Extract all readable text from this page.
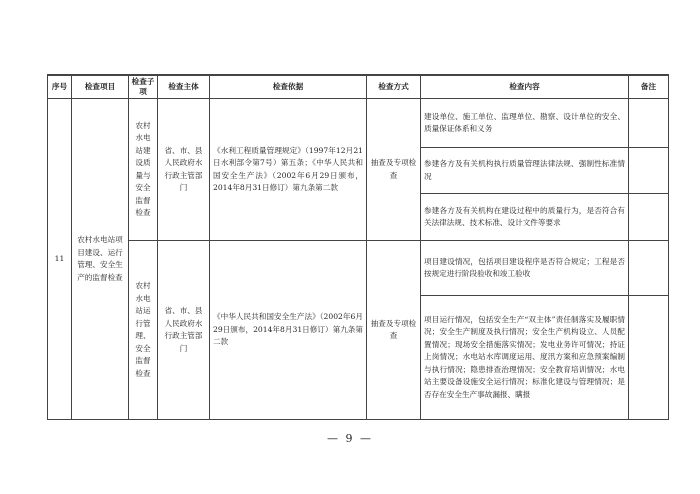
序号	检查项目	检查子项	检查主体	检查依据	检查方式	检查内容	备注
11	农村水电站项目建设、运行管理、安全生产的监督检查	农村水电站建设质量与安全监督检查	省、市、县人民政府水行政主管部门	《水利工程质量管理规定》（1997年12月21日水利部令第7号）第五条；《中华人民共和国安全生产法》（2002年6月29日颁布，2014年8月31日修订）第九条第二款	抽查及专项检查	建设单位、施工单位、监理单位、勘察、设计单位的安全、质量保证体系和义务	
						参建各方及有关机构执行质量管理法律法规、强制性标准情况	
						参建各方及有关机构在建设过程中的质量行为，是否符合有关法律法规、技术标准、设计文件等要求	
		农村水电站运行管理、安全监督检查	省、市、县人民政府水行政主管部门	《中华人民共和国安全生产法》（2002年6月29日颁布，2014年8月31日修订）第九条第二款	抽查及专项检查	项目建设情况，包括项目建设程序是否符合规定；工程是否按规定进行阶段验收和竣工验收	
						项目运行情况，包括安全生产“双主体”责任制落实及履职情况；安全生产制度及执行情况；安全生产机构设立、人员配置情况；现场安全措施落实情况；发电业务许可情况；持证上岗情况；水电站水库调度运用、度汛方案和应急预案编制与执行情况；隐患排查治理情况；安全教育培训情况；水电站主要设备设施安全运行情况；标准化建设与管理情况；是否存在安全生产事故漏报、瞒报	
— 9 —
